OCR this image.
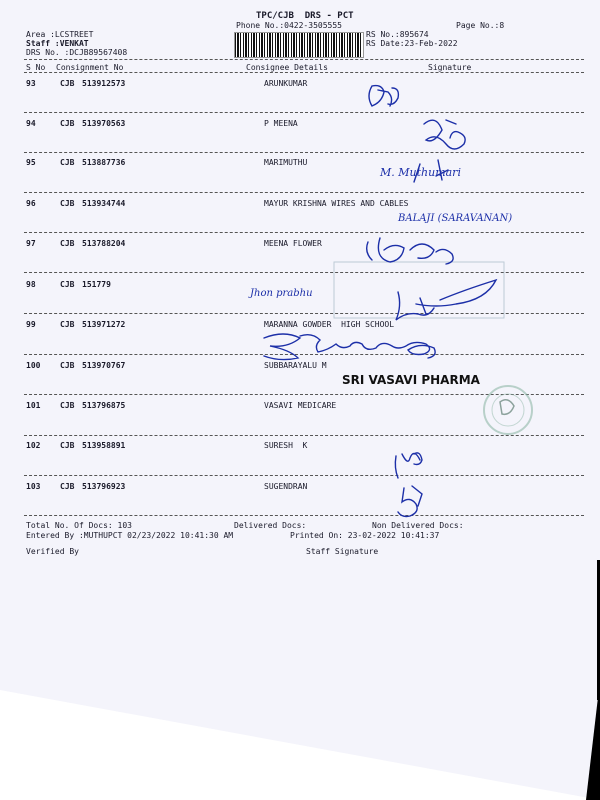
TPC/CJB  DRS - PCT
Phone No.:0422-3505555	Page No.:8
Area :LCSTREET
Staff :VENKAT
DRS No. :DCJB89567408
RS No.:895674
RS Date:23-Feb-2022
S No Consignment No	Consignee Details	Signature
93	CJB 513912573	ARUNKUMAR
94	CJB 513970563	P MEENA
95	CJB 513887736	MARIMUTHU
96	CJB 513934744	MAYUR KRISHNA WIRES AND CABLES
97	CJB 513788204	MEENA FLOWER
98	CJB 151779
99	CJB 513971272	MARANNA GOWDER  HIGH SCHOOL
100 CJB 513970767	SUBBARAYALU M
101 CJB 513796875	VASAVI MEDICARE
102 CJB 513958891	SURESH  K
103 CJB 513796923	SUGENDRAN
Total No. Of Docs: 103	Delivered Docs:	Non Delivered Docs:
Entered By :MUTHUPCT 02/23/2022 10:41:30 AM	Printed On: 23-02-2022 10:41:37
Verified By	Staff Signature
SRI VASAVI PHARMA
M. Muthumari
BALAJI (SARAVANAN)
Jhon prabhu
